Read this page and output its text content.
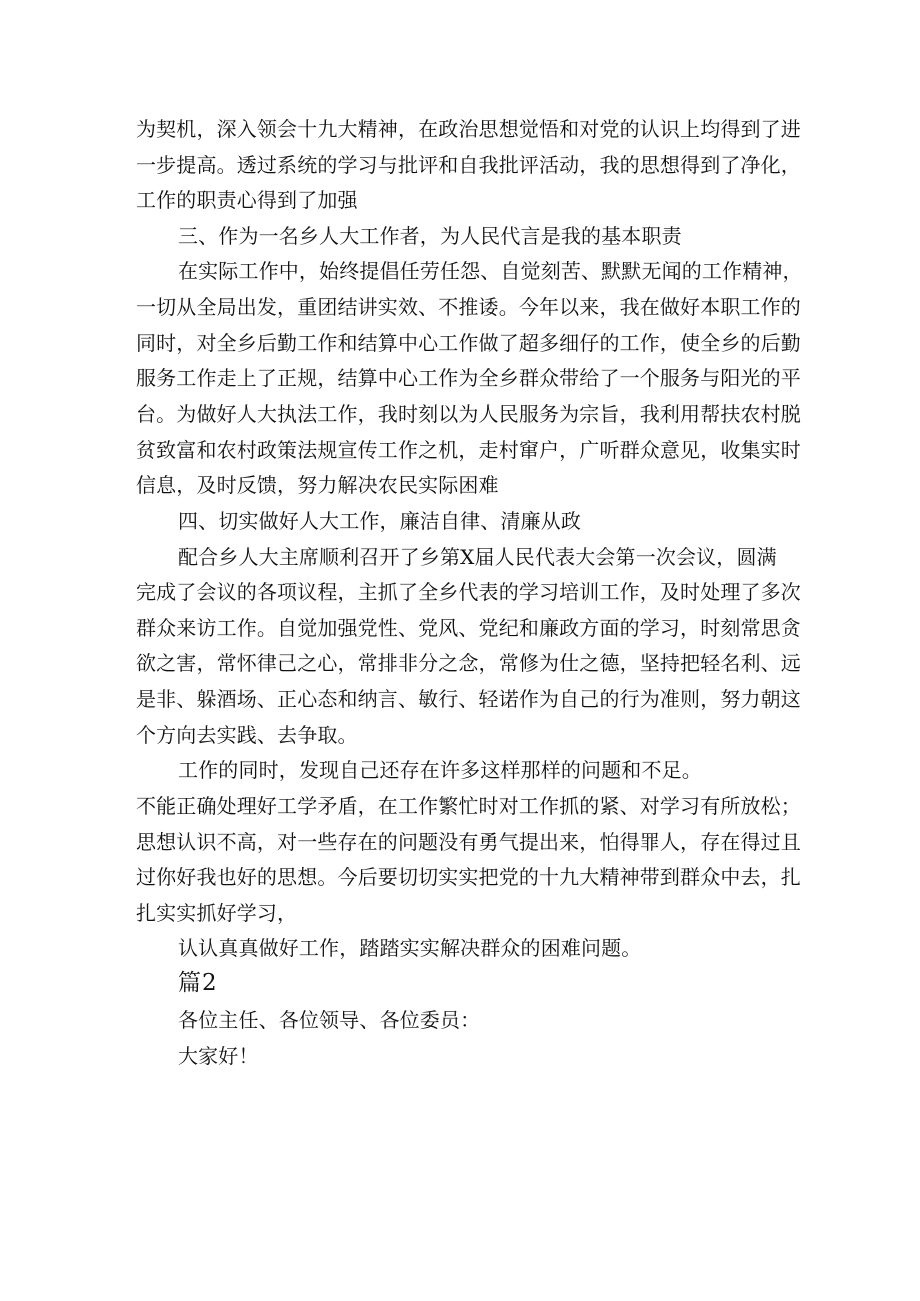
为契机，深入领会十九大精神，在政治思想觉悟和对党的认识上均得到了进
一步提高。透过系统的学习与批评和自我批评活动，我的思想得到了净化，
工作的职责心得到了加强
三、作为一名乡人大工作者，为人民代言是我的基本职责
在实际工作中，始终提倡任劳任怨、自觉刻苦、默默无闻的工作精神，
一切从全局出发，重团结讲实效、不推诿。今年以来，我在做好本职工作的
同时，对全乡后勤工作和结算中心工作做了超多细仔的工作，使全乡的后勤
服务工作走上了正规，结算中心工作为全乡群众带给了一个服务与阳光的平
台。为做好人大执法工作，我时刻以为人民服务为宗旨，我利用帮扶农村脱
贫致富和农村政策法规宣传工作之机，走村窜户，广听群众意见，收集实时
信息，及时反馈，努力解决农民实际困难
四、切实做好人大工作，廉洁自律、清廉从政
配合乡人大主席顺利召开了乡第X届人民代表大会第一次会议，圆满
完成了会议的各项议程，主抓了全乡代表的学习培训工作，及时处理了多次
群众来访工作。自觉加强党性、党风、党纪和廉政方面的学习，时刻常思贪
欲之害，常怀律己之心，常排非分之念，常修为仕之德，坚持把轻名利、远
是非、躲酒场、正心态和纳言、敏行、轻诺作为自己的行为准则，努力朝这
个方向去实践、去争取。
工作的同时，发现自己还存在许多这样那样的问题和不足。
不能正确处理好工学矛盾，在工作繁忙时对工作抓的紧、对学习有所放松；
思想认识不高，对一些存在的问题没有勇气提出来，怕得罪人，存在得过且
过你好我也好的思想。今后要切切实实把党的十九大精神带到群众中去，扎
扎实实抓好学习，
认认真真做好工作，踏踏实实解决群众的困难问题。
篇2
各位主任、各位领导、各位委员：
大家好！
